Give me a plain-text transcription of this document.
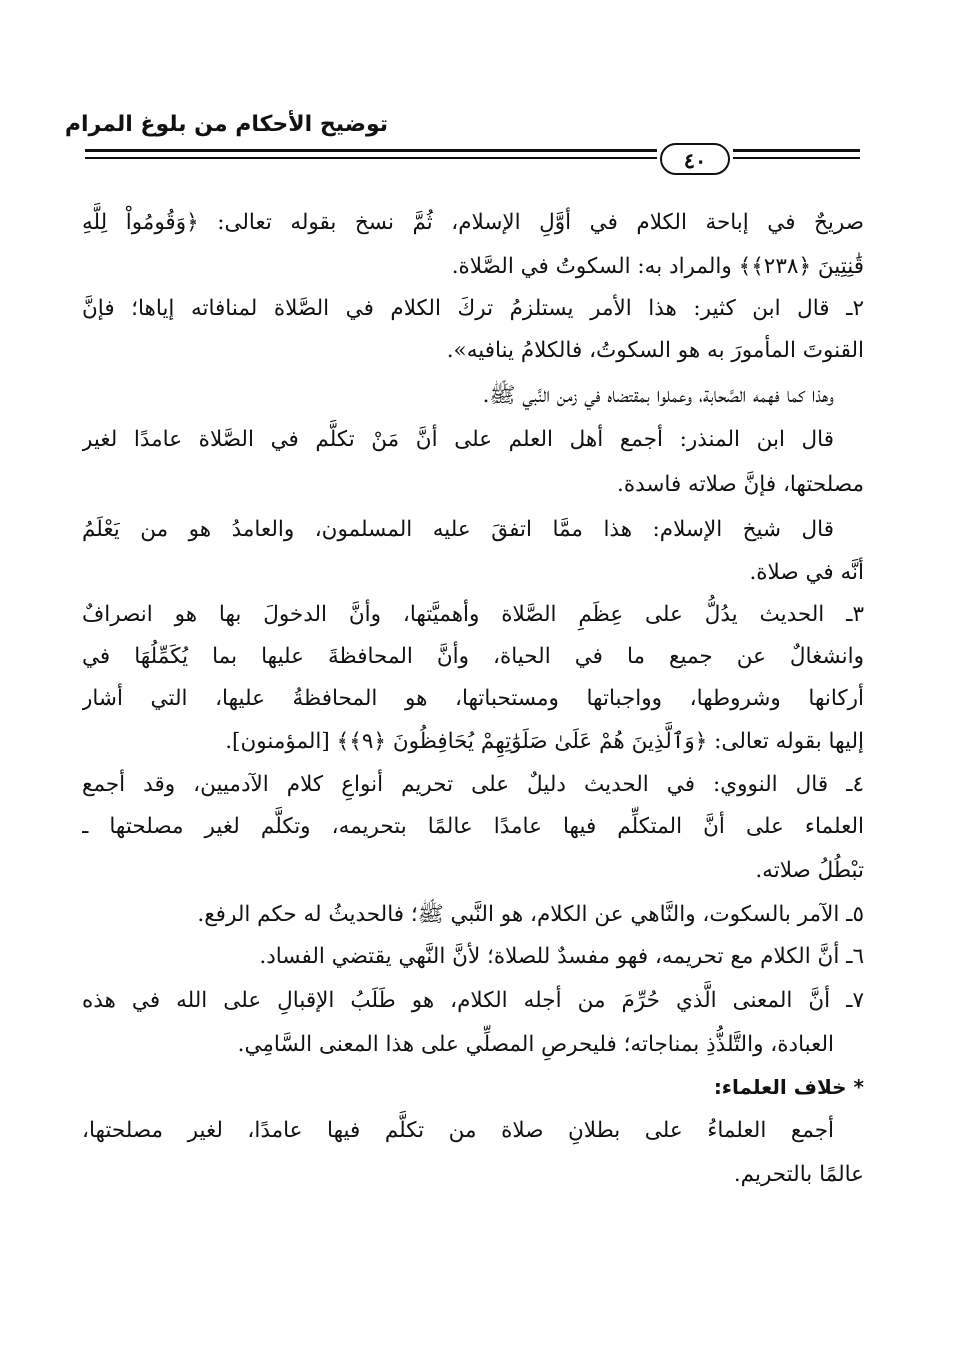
توضيح الأحكام من بلوغ المرام
٤٠
صريحٌ في إباحة الكلام في أوَّلِ الإسلام، ثُمَّ نسخ بقوله تعالى: ﴿وَقُومُواْ لِلَّهِ
قَٰنِتِينَ ﴿٢٣٨﴾﴾ والمراد به: السكوتُ في الصَّلاة.
٢ـ قال ابن كثير: هذا الأمر يستلزمُ تركَ الكلام في الصَّلاة لمنافاته إياها؛ فإنَّ
القنوتَ المأمورَ به هو السكوتُ، فالكلامُ ينافيه».
وهذا كما فهمه الصَّحابة، وعملوا بمقتضاه في زمن النَّبي ﷺ.
قال ابن المنذر: أجمع أهل العلم على أنَّ مَنْ تكلَّم في الصَّلاة عامدًا لغير
مصلحتها، فإنَّ صلاته فاسدة.
قال شيخ الإسلام: هذا ممَّا اتفقَ عليه المسلمون، والعامدُ هو من يَعْلَمُ
أنَّه في صلاة.
٣ـ الحديث يدُلُّ على عِظَمِ الصَّلاة وأهميَّتها، وأنَّ الدخولَ بها هو انصرافٌ
وانشغالٌ عن جميع ما في الحياة، وأنَّ المحافظةَ عليها بما يُكَمِّلُهَا في
أركانها وشروطها، وواجباتها ومستحباتها، هو المحافظةُ عليها، التي أشار
إليها بقوله تعالى: ﴿وَٱلَّذِينَ هُمْ عَلَىٰ صَلَوَٰتِهِمْ يُحَافِظُونَ ﴿٩﴾﴾ [المؤمنون].
٤ـ قال النووي: في الحديث دليلٌ على تحريم أنواعِ كلام الآدميين، وقد أجمع
العلماء على أنَّ المتكلِّم فيها عامدًا عالمًا بتحريمه، وتكلَّم لغير مصلحتها ـ
تبْطُلُ صلاته.
٥ـ الآمر بالسكوت، والنَّاهي عن الكلام، هو النَّبي ﷺ؛ فالحديثُ له حكم الرفع.
٦ـ أنَّ الكلام مع تحريمه، فهو مفسدٌ للصلاة؛ لأنَّ النَّهي يقتضي الفساد.
٧ـ أنَّ المعنى الَّذي حُرِّمَ من أجله الكلام، هو طَلَبُ الإقبالِ على الله في هذه
العبادة، والتَّلذُّذِ بمناجاته؛ فليحرصِ المصلِّي على هذا المعنى السَّامِي.
* خلاف العلماء:
أجمع العلماءُ على بطلانِ صلاة من تكلَّم فيها عامدًا، لغير مصلحتها،
عالمًا بالتحريم.
